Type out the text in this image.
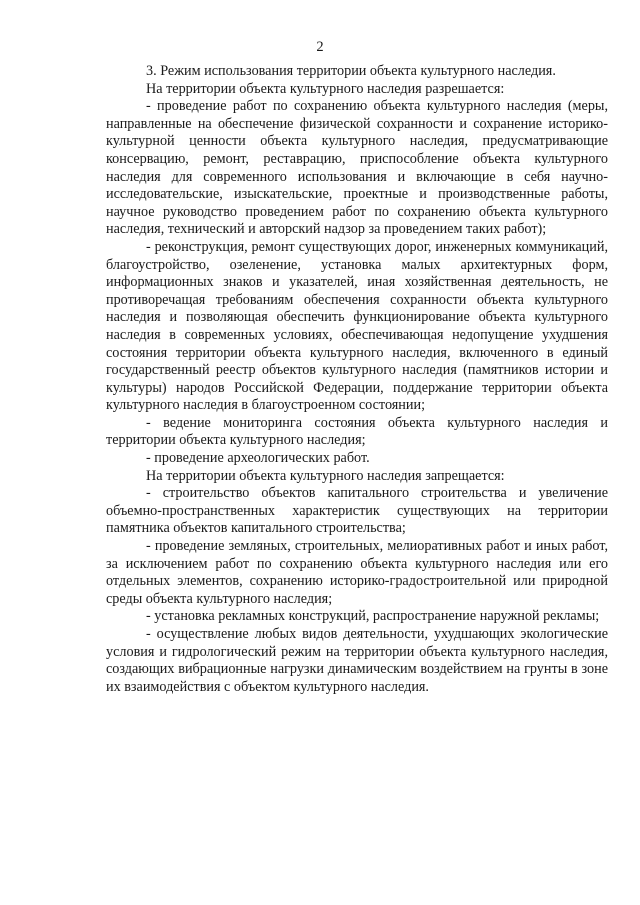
2

3. Режим использования территории объекта культурного наследия.

На территории объекта культурного наследия разрешается:

- проведение работ по сохранению объекта культурного наследия (меры, направленные на обеспечение физической сохранности и сохранение историко-культурной ценности объекта культурного наследия, предусматривающие консервацию, ремонт, реставрацию, приспособление объекта культурного наследия для современного использования и включающие в себя научно-исследовательские, изыскательские, проектные и производственные работы, научное руководство проведением работ по сохранению объекта культурного наследия, технический и авторский надзор за проведением таких работ);

- реконструкция, ремонт существующих дорог, инженерных коммуникаций, благоустройство, озеленение, установка малых архитектурных форм, информационных знаков и указателей, иная хозяйственная деятельность, не противоречащая требованиям обеспечения сохранности объекта культурного наследия и позволяющая обеспечить функционирование объекта культурного наследия в современных условиях, обеспечивающая недопущение ухудшения состояния территории объекта культурного наследия, включенного в единый государственный реестр объектов культурного наследия (памятников истории и культуры) народов Российской Федерации, поддержание территории объекта культурного наследия в благоустроенном состоянии;

- ведение мониторинга состояния объекта культурного наследия и территории объекта культурного наследия;

- проведение археологических работ.

На территории объекта культурного наследия запрещается:

- строительство объектов капитального строительства и увеличение объемно-пространственных характеристик существующих на территории памятника объектов капитального строительства;

- проведение земляных, строительных, мелиоративных работ и иных работ, за исключением работ по сохранению объекта культурного наследия или его отдельных элементов, сохранению историко-градостроительной или природной среды объекта культурного наследия;

- установка рекламных конструкций, распространение наружной рекламы;

- осуществление любых видов деятельности, ухудшающих экологические условия и гидрологический режим на территории объекта культурного наследия, создающих вибрационные нагрузки динамическим воздействием на грунты в зоне их взаимодействия с объектом культурного наследия.
